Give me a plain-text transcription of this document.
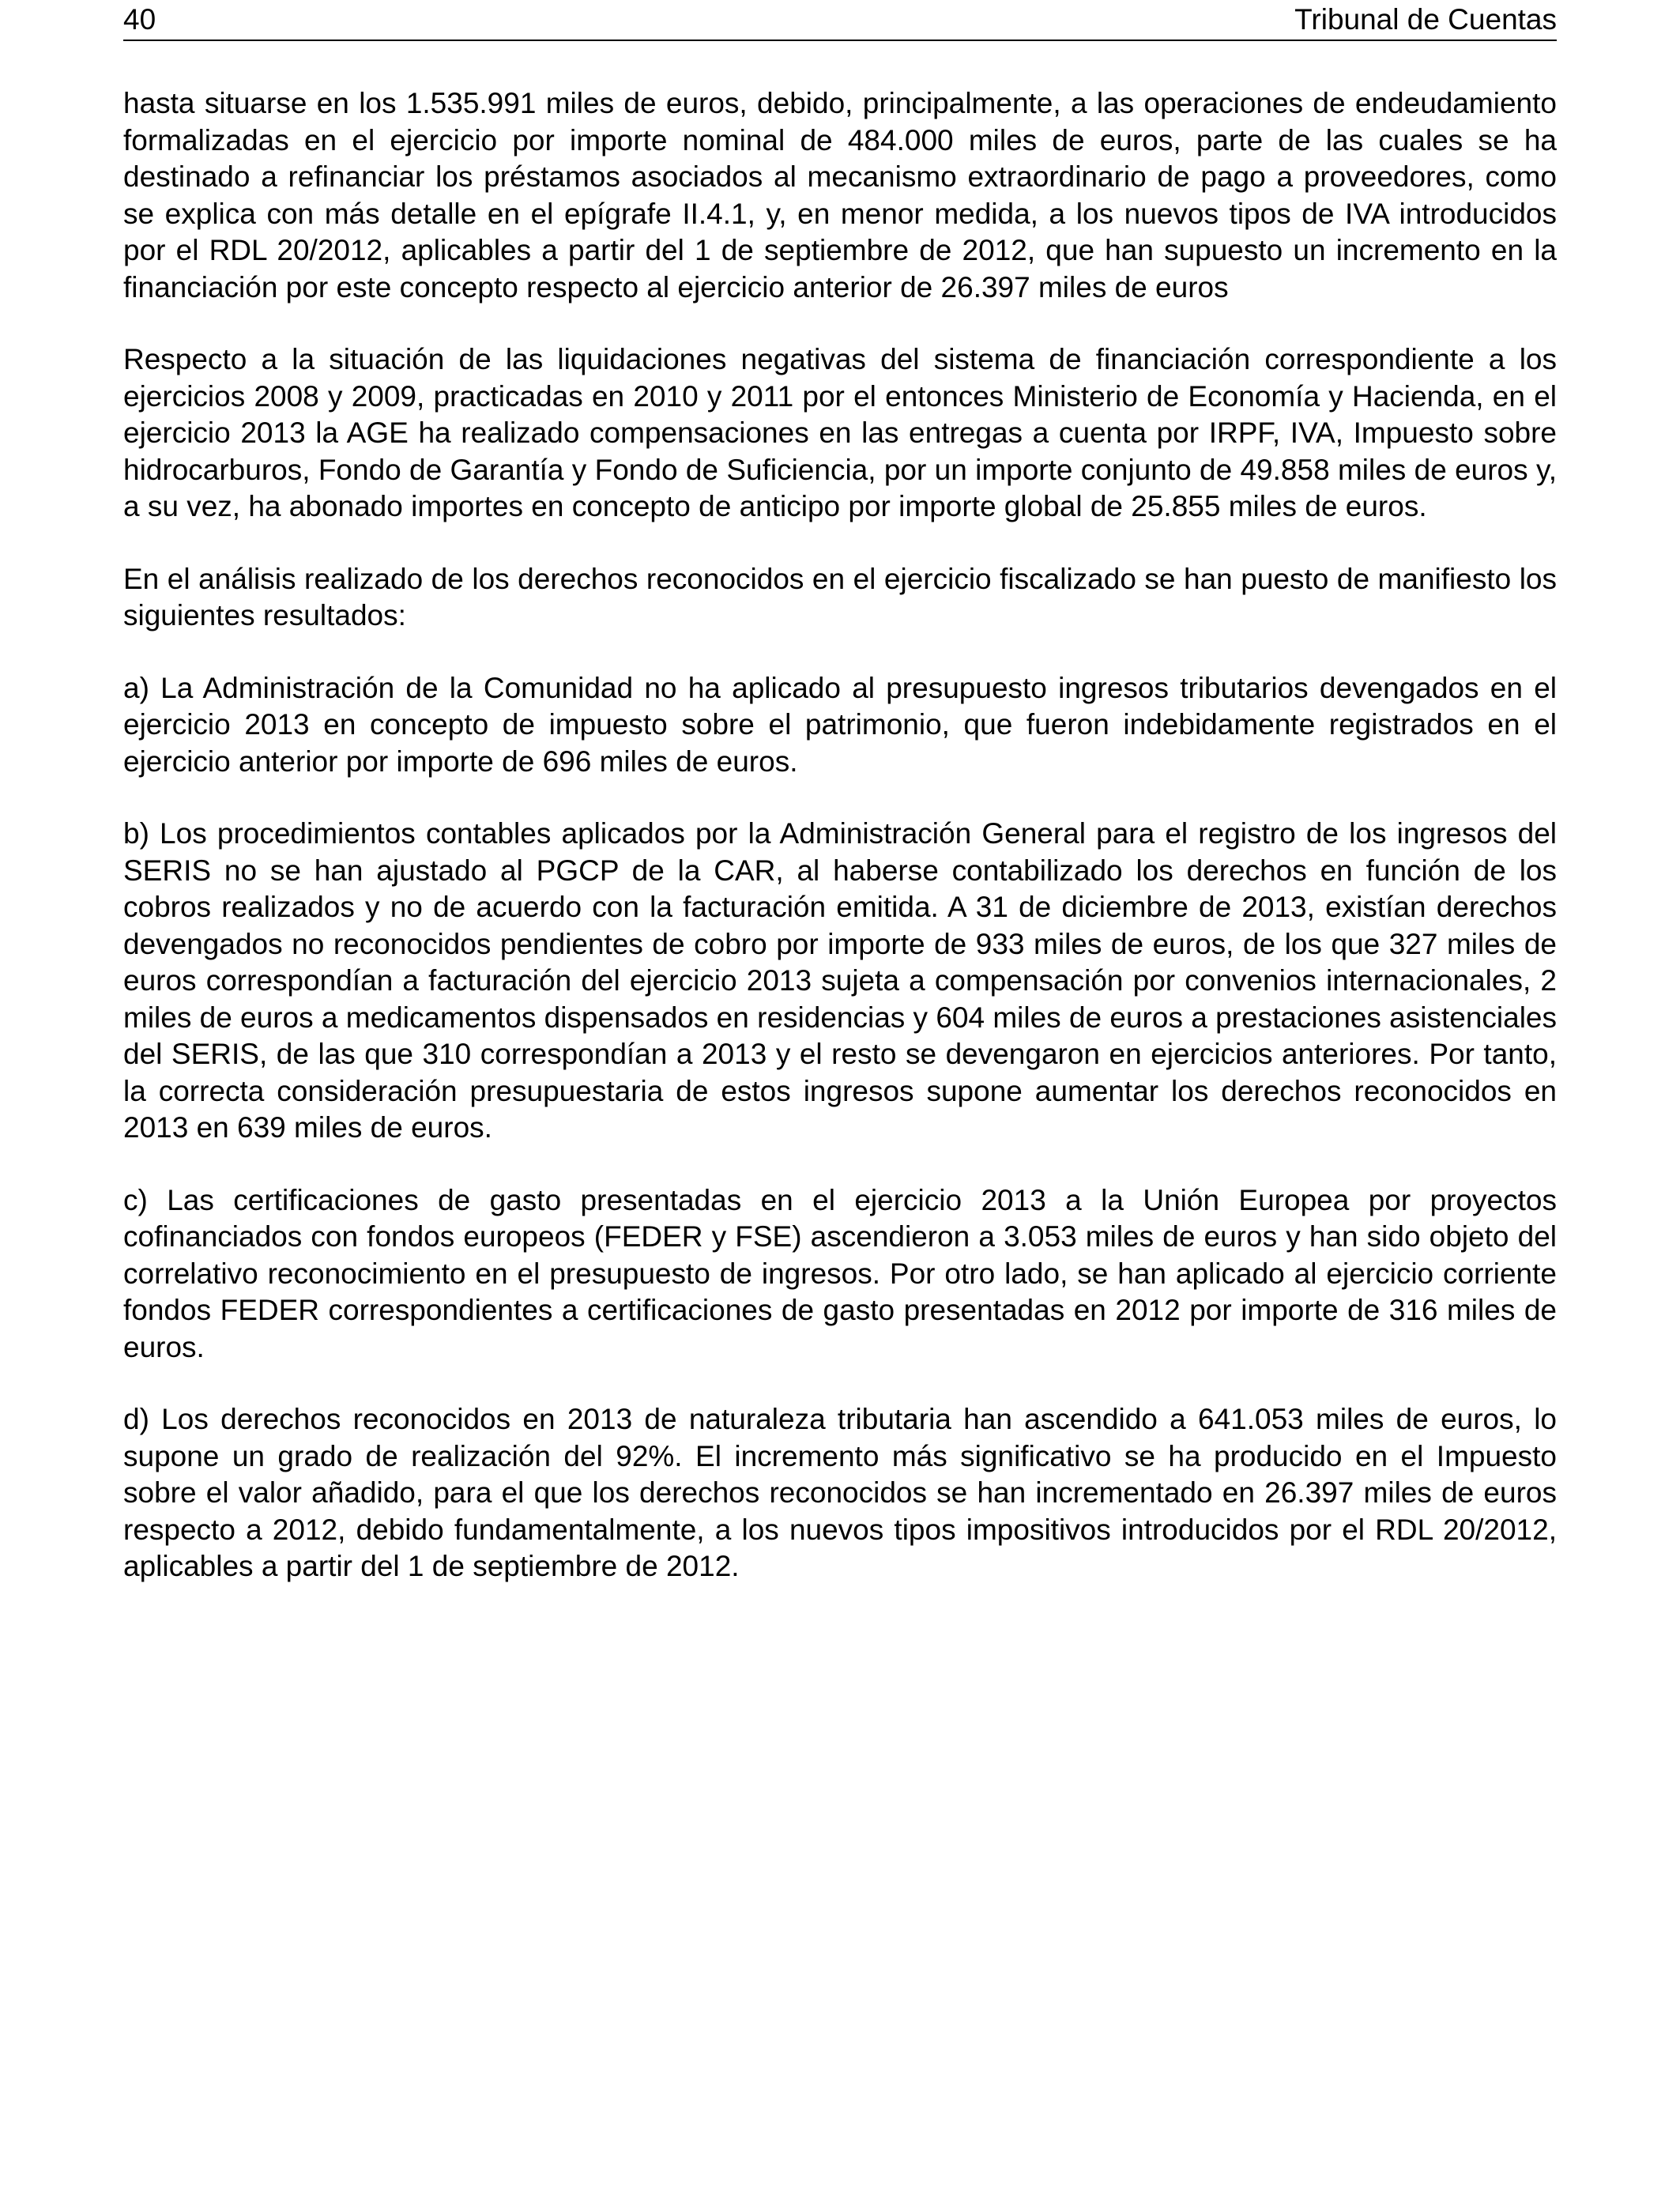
40	Tribunal de Cuentas

hasta situarse en los 1.535.991 miles de euros, debido, principalmente, a las operaciones de endeudamiento formalizadas en el ejercicio por importe nominal de 484.000 miles de euros, parte de las cuales se ha destinado a refinanciar los préstamos asociados al mecanismo extraordinario de pago a proveedores, como se explica con más detalle en el epígrafe II.4.1, y, en menor medida, a los nuevos tipos de IVA introducidos por el RDL 20/2012, aplicables a partir del 1 de septiembre de 2012, que han supuesto un incremento en la financiación por este concepto respecto al ejercicio anterior de 26.397 miles de euros

Respecto a la situación de las liquidaciones negativas del sistema de financiación correspondiente a los ejercicios 2008 y 2009, practicadas en 2010 y 2011 por el entonces Ministerio de Economía y Hacienda, en el ejercicio 2013 la AGE ha realizado compensaciones en las entregas a cuenta por IRPF, IVA, Impuesto sobre hidrocarburos, Fondo de Garantía y Fondo de Suficiencia, por un importe conjunto de 49.858 miles de euros y, a su vez, ha abonado importes en concepto de anticipo por importe global de 25.855 miles de euros.

En el análisis realizado de los derechos reconocidos en el ejercicio fiscalizado se han puesto de manifiesto los siguientes resultados:

a) La Administración de la Comunidad no ha aplicado al presupuesto ingresos tributarios devengados en el ejercicio 2013 en concepto de impuesto sobre el patrimonio, que fueron indebidamente registrados en el ejercicio anterior por importe de 696 miles de euros.

b) Los procedimientos contables aplicados por la Administración General para el registro de los ingresos del SERIS no se han ajustado al PGCP de la CAR, al haberse contabilizado los derechos en función de los cobros realizados y no de acuerdo con la facturación emitida. A 31 de diciembre de 2013, existían derechos devengados no reconocidos pendientes de cobro por importe de 933 miles de euros, de los que 327 miles de euros correspondían a facturación del ejercicio 2013 sujeta a compensación por convenios internacionales, 2 miles de euros a medicamentos dispensados en residencias y 604 miles de euros a prestaciones asistenciales del SERIS, de las que 310 correspondían a 2013 y el resto se devengaron en ejercicios anteriores. Por tanto, la correcta consideración presupuestaria de estos ingresos supone aumentar los derechos reconocidos en 2013 en 639 miles de euros.

c) Las certificaciones de gasto presentadas en el ejercicio 2013 a la Unión Europea por proyectos cofinanciados con fondos europeos (FEDER y FSE) ascendieron a 3.053 miles de euros y han sido objeto del correlativo reconocimiento en el presupuesto de ingresos. Por otro lado, se han aplicado al ejercicio corriente fondos FEDER correspondientes a certificaciones de gasto presentadas en 2012 por importe de 316 miles de euros.

d) Los derechos reconocidos en 2013 de naturaleza tributaria han ascendido a 641.053 miles de euros, lo supone un grado de realización del 92%. El incremento más significativo se ha producido en el Impuesto sobre el valor añadido, para el que los derechos reconocidos se han incrementado en 26.397 miles de euros respecto a 2012, debido fundamentalmente, a los nuevos tipos impositivos introducidos por el RDL 20/2012, aplicables a partir del 1 de septiembre de 2012.
